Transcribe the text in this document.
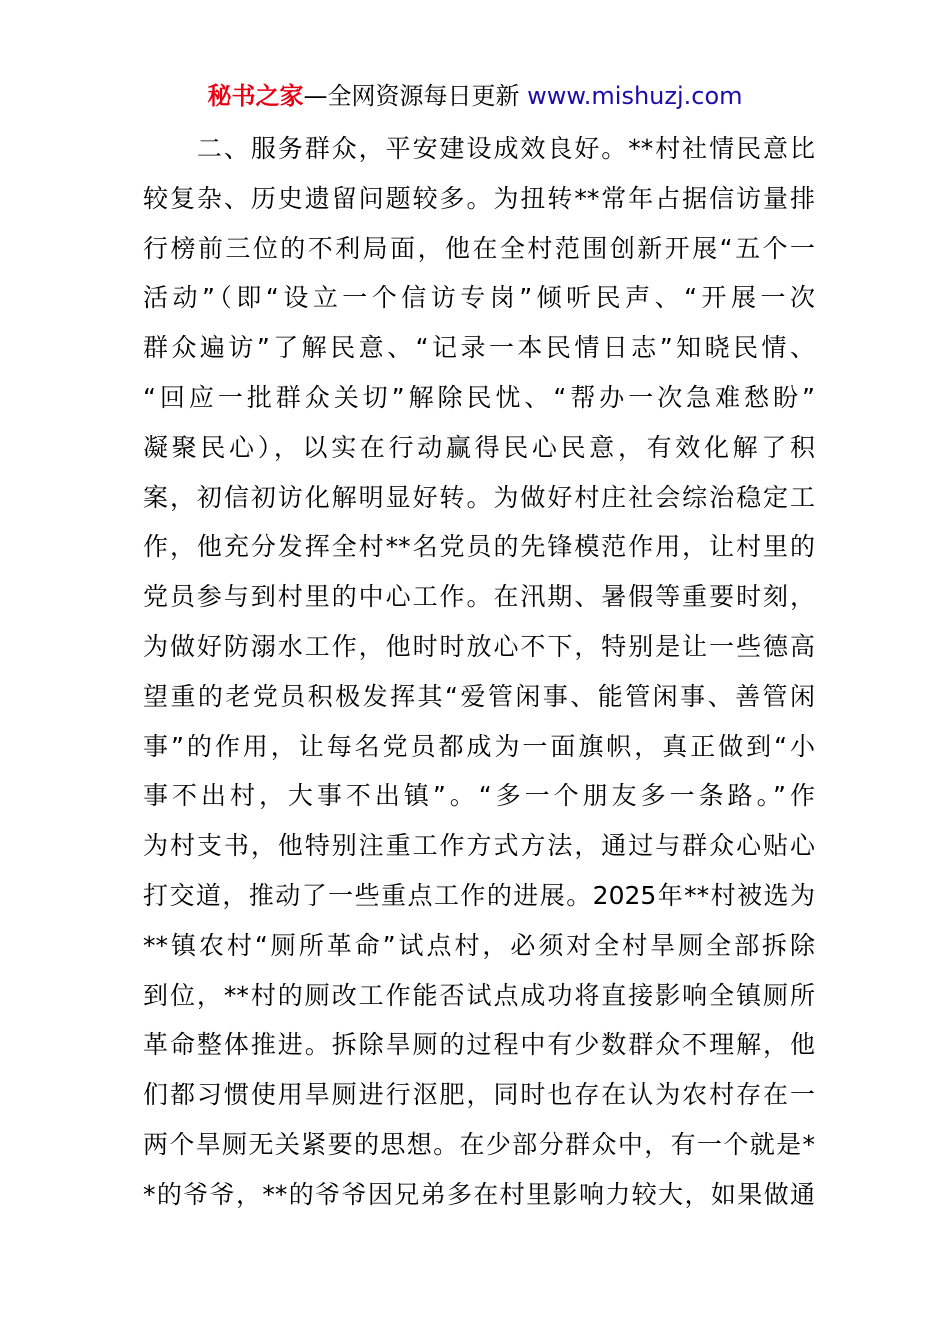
秘书之家—全网资源每日更新 www.mishuzj.com
　　二、服务群众，平安建设成效良好。**村社情民意比
较复杂、历史遗留问题较多。为扭转**常年占据信访量排
行榜前三位的不利局面，他在全村范围创新开展“五个一
活动”（即“设立一个信访专岗”倾听民声、“开展一次
群众遍访”了解民意、“记录一本民情日志”知晓民情、
“回应一批群众关切”解除民忧、“帮办一次急难愁盼”
凝聚民心），以实在行动赢得民心民意，有效化解了积
案，初信初访化解明显好转。为做好村庄社会综治稳定工
作，他充分发挥全村**名党员的先锋模范作用，让村里的
党员参与到村里的中心工作。在汛期、暑假等重要时刻，
为做好防溺水工作，他时时放心不下，特别是让一些德高
望重的老党员积极发挥其“爱管闲事、能管闲事、善管闲
事”的作用，让每名党员都成为一面旗帜，真正做到“小
事不出村，大事不出镇”。“多一个朋友多一条路。”作
为村支书，他特别注重工作方式方法，通过与群众心贴心
打交道，推动了一些重点工作的进展。2025年**村被选为
**镇农村“厕所革命”试点村，必须对全村旱厕全部拆除
到位，**村的厕改工作能否试点成功将直接影响全镇厕所
革命整体推进。拆除旱厕的过程中有少数群众不理解，他
们都习惯使用旱厕进行沤肥，同时也存在认为农村存在一
两个旱厕无关紧要的思想。在少部分群众中，有一个就是*
*的爷爷，**的爷爷因兄弟多在村里影响力较大，如果做通
